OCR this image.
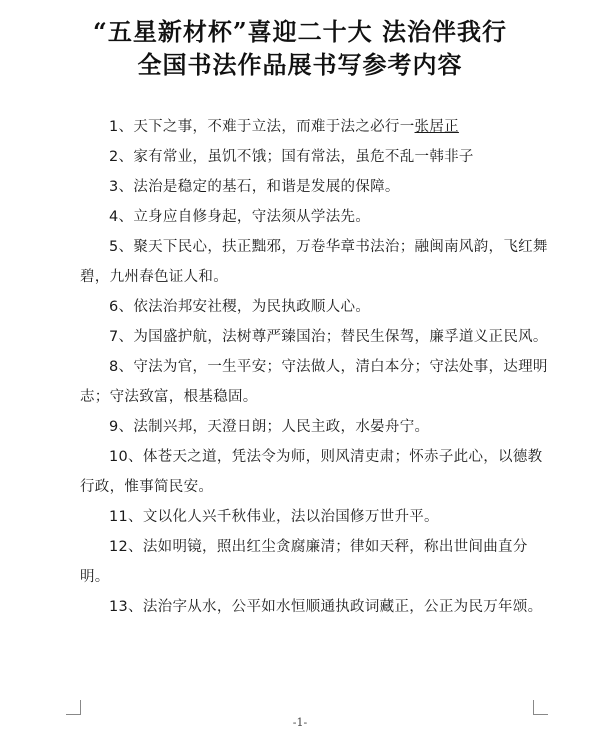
“五星新材杯”喜迎二十大 法治伴我行
全国书法作品展书写参考内容

1、天下之事，不难于立法，而难于法之必行一张居正

2、家有常业，虽饥不饿；国有常法，虽危不乱一韩非子

3、法治是稳定的基石，和谐是发展的保障。

4、立身应自修身起，守法须从学法先。

5、聚天下民心，扶正黜邪，万卷华章书法治；融闽南风韵，飞红舞碧，九州春色证人和。

6、依法治邦安社稷，为民执政顺人心。

7、为国盛护航，法树尊严臻国治；替民生保驾，廉孚道义正民风。

8、守法为官，一生平安；守法做人，清白本分；守法处事，达理明志；守法致富，根基稳固。

9、法制兴邦，天澄日朗；人民主政，水晏舟宁。

10、体苍天之道，凭法令为师，则风清吏肃；怀赤子此心，以德教行政，惟事简民安。

11、文以化人兴千秋伟业，法以治国修万世升平。

12、法如明镜，照出红尘贪腐廉清；律如天秤，称出世间曲直分明。

13、法治字从水，公平如水恒顺通执政词藏正，公正为民万年颂。

-1-
